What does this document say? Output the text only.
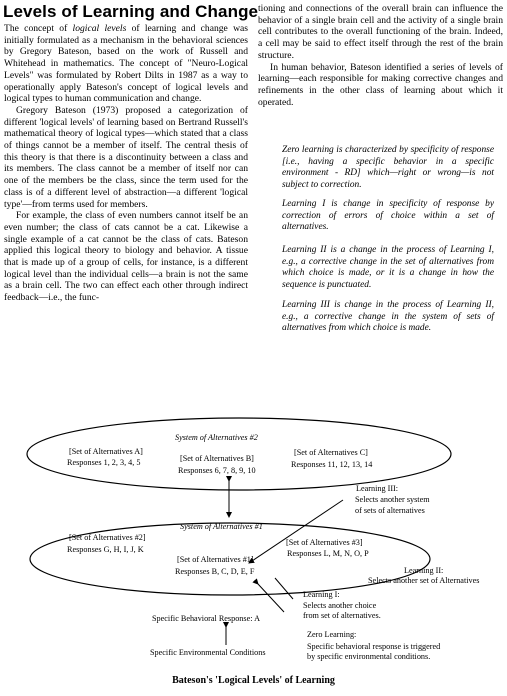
Levels of Learning and Change

The concept of logical levels of learning and change was initially formulated as a mechanism in the behavioral sciences by Gregory Bateson, based on the work of Russell and Whitehead in mathematics. The concept of "Neuro-Logical Levels" was formulated by Robert Dilts in 1987 as a way to operationally apply Bateson's concept of logical levels and logical types to human communication and change.

Gregory Bateson (1973) proposed a categorization of different 'logical levels' of learning based on Bertrand Russell's mathematical theory of logical types—which stated that a class of things cannot be a member of itself. The central thesis of this theory is that there is a discontinuity between a class and its members. The class cannot be a member of itself nor can one of the members be the class, since the term used for the class is of a different level of abstraction—a different 'logical type'—from terms used for members.

For example, the class of even numbers cannot itself be an even number; the class of cats cannot be a cat. Likewise a single example of a cat cannot be the class of cats. Bateson applied this logical theory to biology and behavior. A tissue that is made up of a group of cells, for instance, is a different logical level than the individual cells—a brain is not the same as a brain cell. The two can effect each other through indirect feedback—i.e., the func-

tioning and connections of the overall brain can influence the behavior of a single brain cell and the activity of a single brain cell contributes to the overall functioning of the brain. Indeed, a cell may be said to effect itself through the rest of the brain structure.

In human behavior, Bateson identified a series of levels of learning—each responsible for making corrective changes and refinements in the other class of learning about which it operated.

Zero learning is characterized by specificity of response [i.e., having a specific behavior in a specific environment - RD] which—right or wrong—is not subject to correction.
Learning I is change in specificity of response by correction of errors of choice within a set of alternatives.
Learning II is a change in the process of Learning I, e.g., a corrective change in the set of alternatives from which choice is made, or it is a change in how the sequence is punctuated.
Learning III is change in the process of Learning II, e.g., a corrective change in the system of sets of alternatives from which choice is made.
System of Alternatives #2
[Set of Alternatives A]
Responses 1, 2, 3, 4, 5	[Set of Alternatives B]
Responses 6, 7, 8, 9, 10
[Set of Alternatives C]
Responses 11, 12, 13, 14
Learning III:
Selects another system
of sets of alternatives
System of Alternatives #1
[Set of Alternatives #2]
Responses G, H, I, J, K
[Set of Alternatives #3]
Responses L, M, N, O, P
[Set of Alternatives #1]
Responses B, C, D, E, F	Learning II:
Selects another set of Alternatives
Learning I:
Selects another choice
from set of alternatives.
Specific Behavioral Response: A
Zero Learning:
Specific behavioral response is triggered
by specific environmental conditions.
Specific Environmental Conditions
Bateson's 'Logical Levels' of Learning
